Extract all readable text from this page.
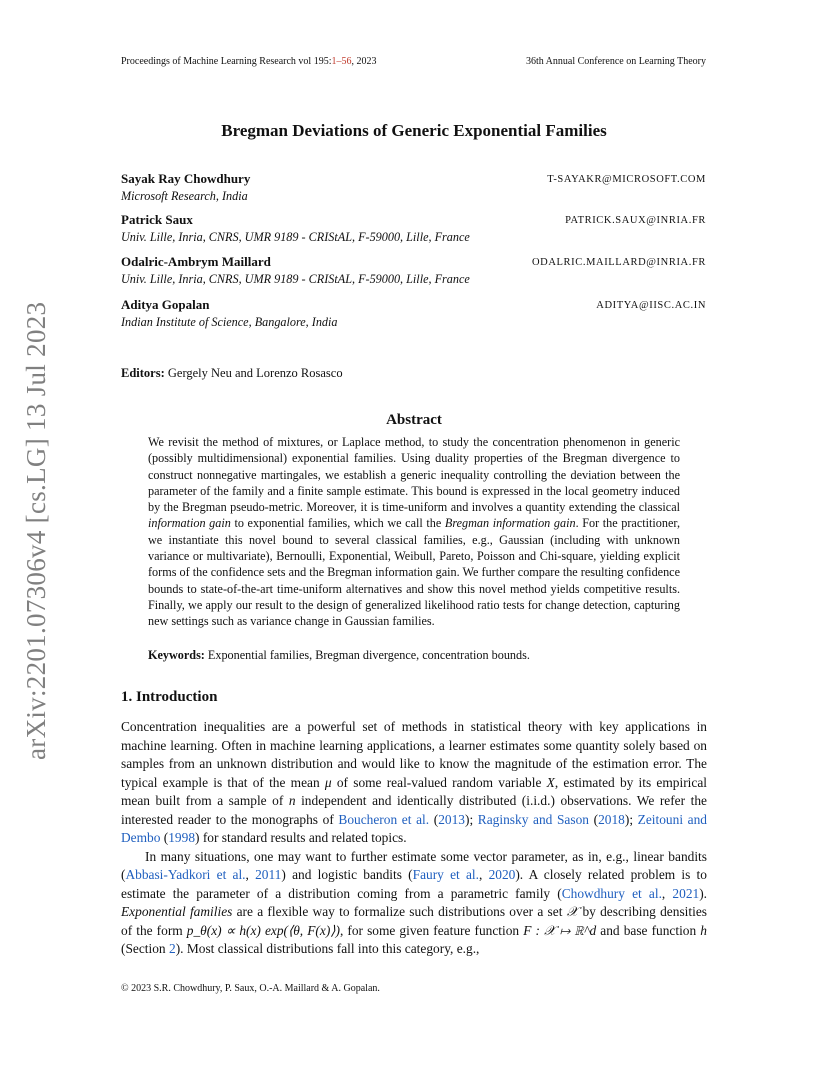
Proceedings of Machine Learning Research vol 195:1–56, 2023	36th Annual Conference on Learning Theory
arXiv:2201.07306v4 [cs.LG] 13 Jul 2023
Bregman Deviations of Generic Exponential Families
Sayak Ray Chowdhury
Microsoft Research, India
T-SAYAKR@MICROSOFT.COM
Patrick Saux
Univ. Lille, Inria, CNRS, UMR 9189 - CRIStAL, F-59000, Lille, France
PATRICK.SAUX@INRIA.FR
Odalric-Ambrym Maillard
Univ. Lille, Inria, CNRS, UMR 9189 - CRIStAL, F-59000, Lille, France
ODALRIC.MAILLARD@INRIA.FR
Aditya Gopalan
Indian Institute of Science, Bangalore, India
ADITYA@IISC.AC.IN
Editors: Gergely Neu and Lorenzo Rosasco
Abstract
We revisit the method of mixtures, or Laplace method, to study the concentration phenomenon in generic (possibly multidimensional) exponential families. Using duality properties of the Bregman divergence to construct nonnegative martingales, we establish a generic inequality controlling the deviation between the parameter of the family and a finite sample estimate. This bound is expressed in the local geometry induced by the Bregman pseudo-metric. Moreover, it is time-uniform and involves a quantity extending the classical information gain to exponential families, which we call the Bregman information gain. For the practitioner, we instantiate this novel bound to several classical families, e.g., Gaussian (including with unknown variance or multivariate), Bernoulli, Exponential, Weibull, Pareto, Poisson and Chi-square, yielding explicit forms of the confidence sets and the Bregman information gain. We further compare the resulting confidence bounds to state-of-the-art time-uniform alternatives and show this novel method yields competitive results. Finally, we apply our result to the design of generalized likelihood ratio tests for change detection, capturing new settings such as variance change in Gaussian families.
Keywords: Exponential families, Bregman divergence, concentration bounds.
1. Introduction

Concentration inequalities are a powerful set of methods in statistical theory with key applications in machine learning. Often in machine learning applications, a learner estimates some quantity solely based on samples from an unknown distribution and would like to know the magnitude of the estimation error. The typical example is that of the mean μ of some real-valued random variable X, estimated by its empirical mean built from a sample of n independent and identically distributed (i.i.d.) observations. We refer the interested reader to the monographs of Boucheron et al. (2013); Raginsky and Sason (2018); Zeitouni and Dembo (1998) for standard results and related topics.

In many situations, one may want to further estimate some vector parameter, as in, e.g., linear bandits (Abbasi-Yadkori et al., 2011) and logistic bandits (Faury et al., 2020). A closely related problem is to estimate the parameter of a distribution coming from a parametric family (Chowdhury et al., 2021). Exponential families are a flexible way to formalize such distributions over a set 𝒳 by describing densities of the form p_θ(x) ∝ h(x) exp(⟨θ, F(x)⟩), for some given feature function F : 𝒳 ↦ ℝ^d and base function h (Section 2). Most classical distributions fall into this category, e.g.,

© 2023 S.R. Chowdhury, P. Saux, O.-A. Maillard & A. Gopalan.
